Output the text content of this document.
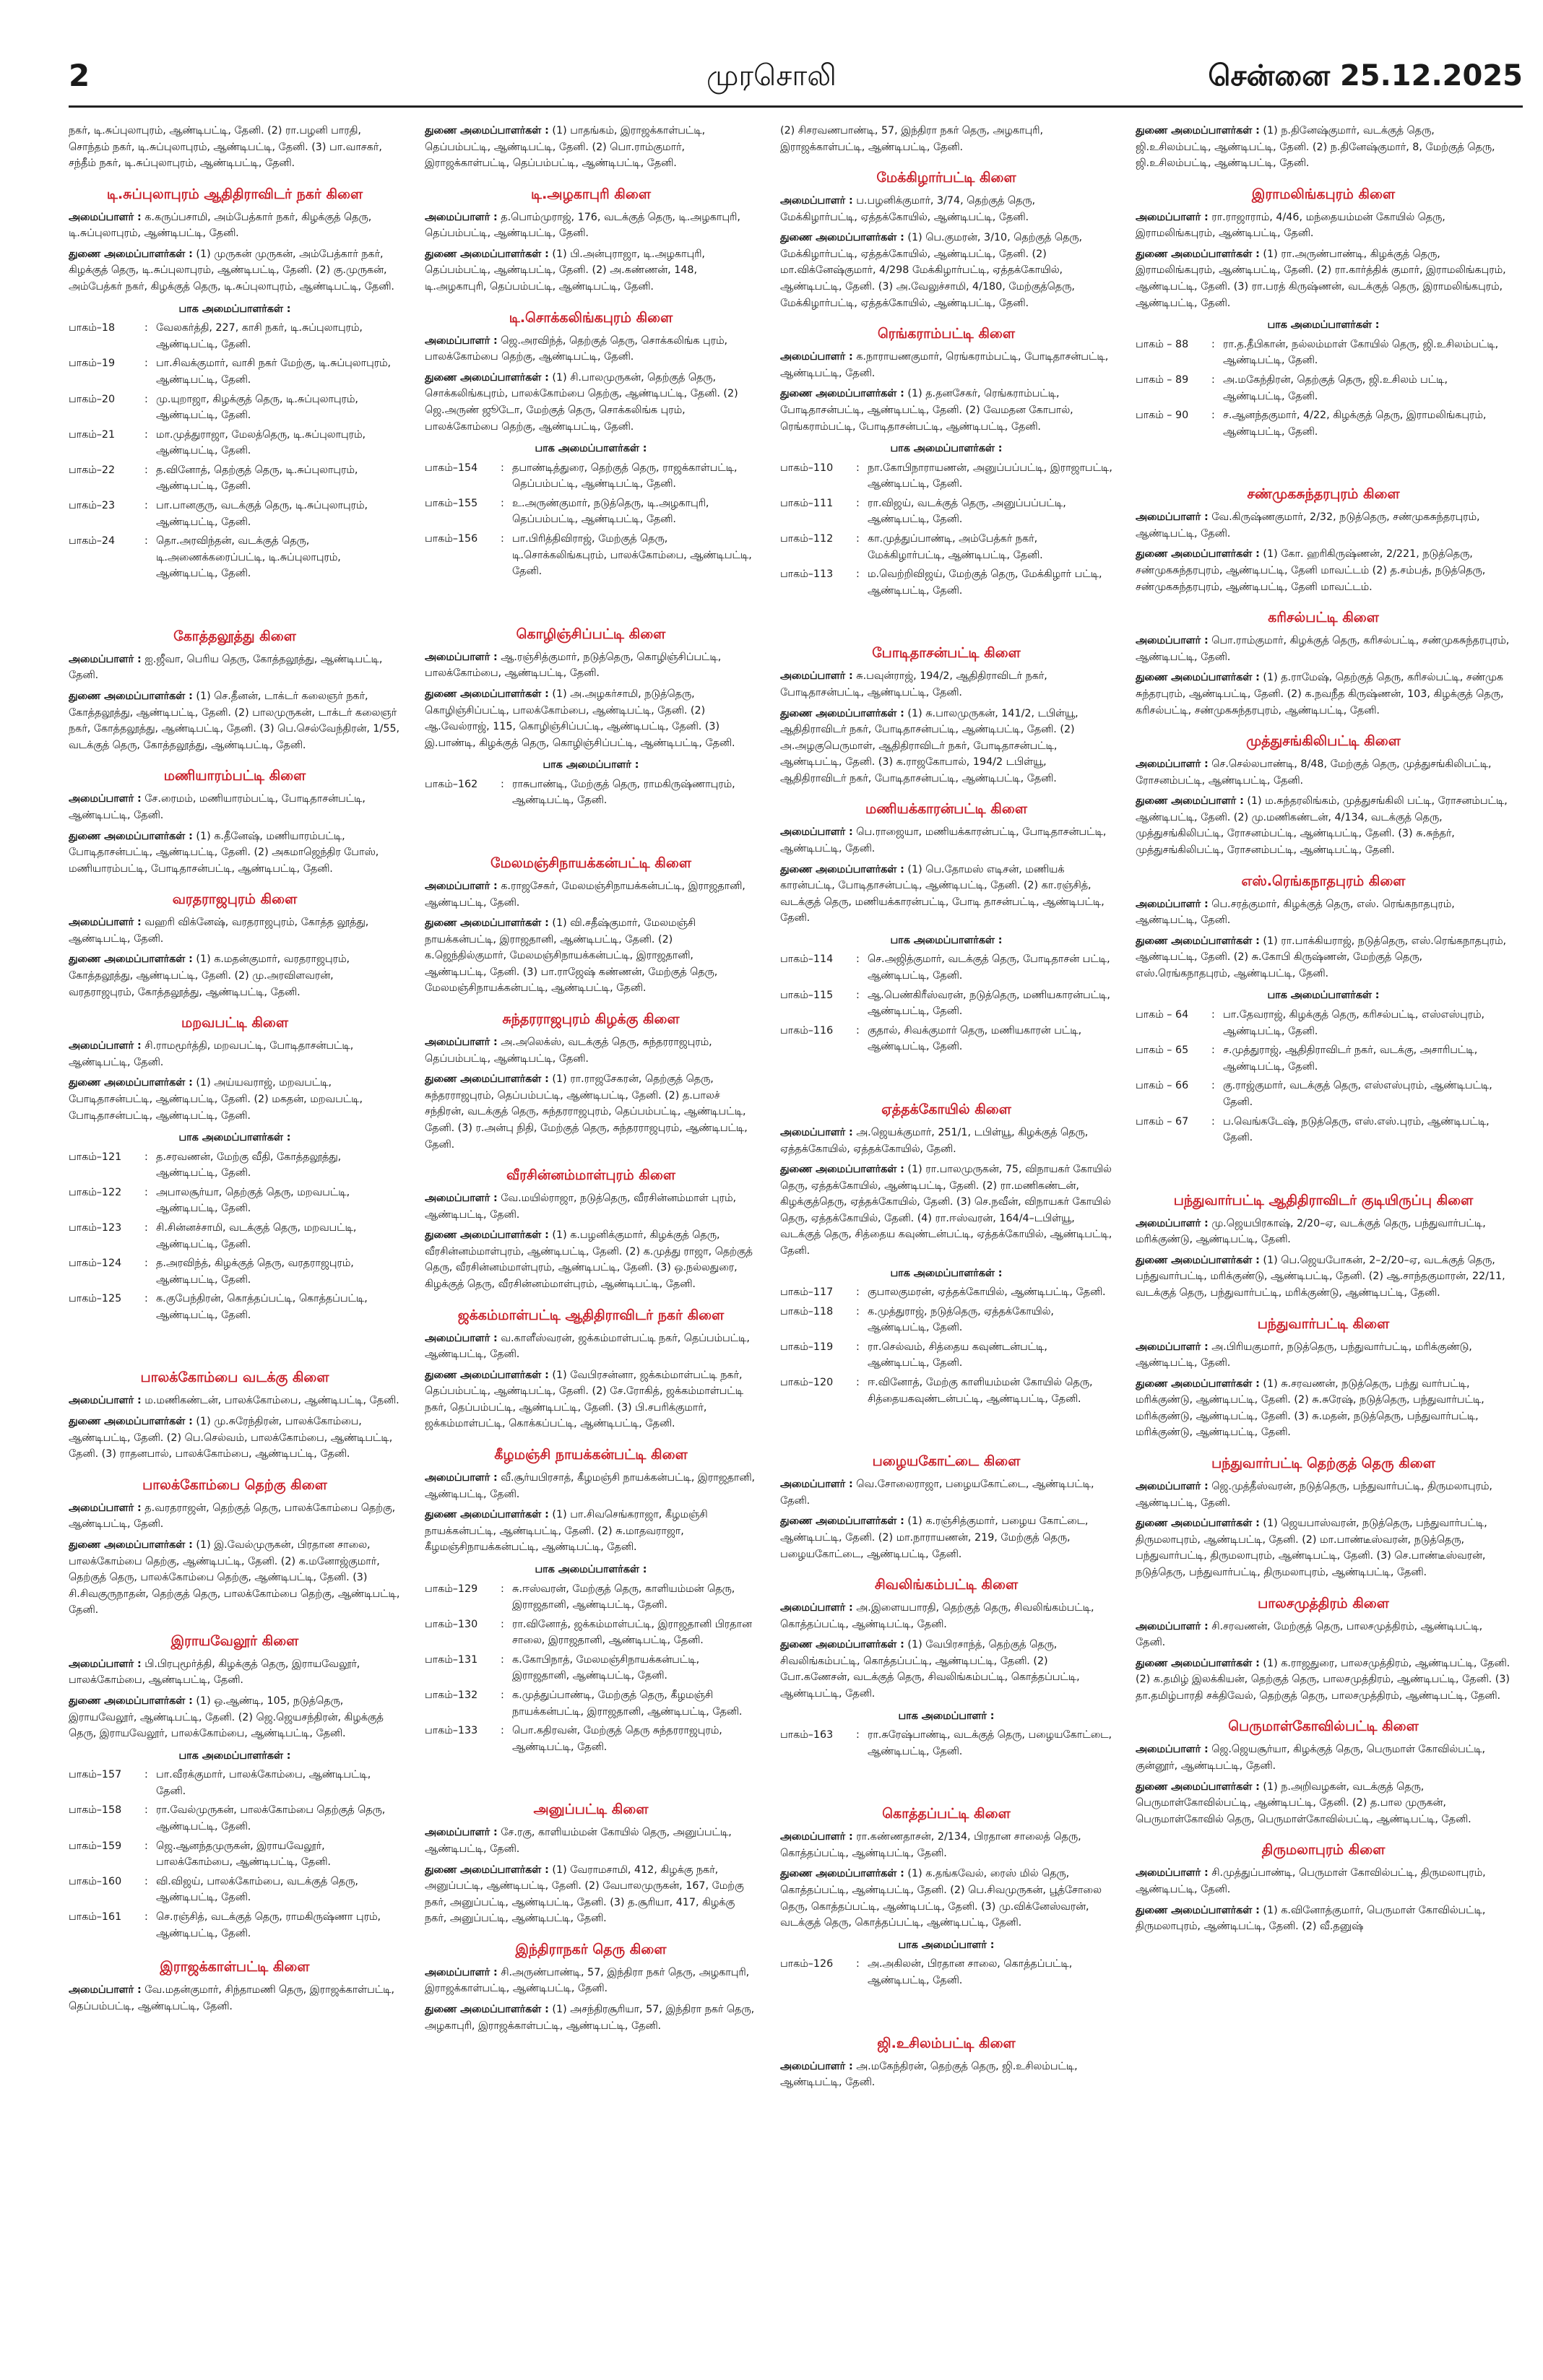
2	முரசொலி	சென்னை 25.12.2025

நகர், டி.சுப்புலாபுரம், ஆண்டிபட்டி, தேனி. (2) ரா.பழனி பாரதி, சொந்தம் நகர், டி.சுப்புலாபுரம், ஆண்டிபட்டி, தேனி. (3) பா.வாசகர், சந்தீம் நகர், டி.சுப்புலாபுரம், ஆண்டிபட்டி, தேனி.

டி.சுப்புலாபுரம் ஆதிதிராவிடர் நகர் கிளை

அமைப்பாளர் : க.கருப்பசாமி, அம்பேத்கார் நகர், கிழக்குத் தெரு, டி.சுப்புலாபுரம், ஆண்டிபட்டி, தேனி.

துணை அமைப்பாளர்கள் : (1) முருகன் முருகன், அம்பேத்கார் நகர், கிழக்குத் தெரு, டி.சுப்புலாபுரம், ஆண்டிபட்டி, தேனி. (2) கு.முருகன், அம்பேத்கர் நகர், கிழக்குத் தெரு, டி.சுப்புலாபுரம், ஆண்டிபட்டி, தேனி.

பாக அமைப்பாளர்கள் :
பாகம்–18	:	வேலகர்த்தி, 227, காசி நகர், டி.சுப்புலாபுரம், ஆண்டிபட்டி, தேனி.
பாகம்–19	:	பா.சிவக்குமார், வாசி நகர் மேற்கு, டி.சுப்புலாபுரம், ஆண்டிபட்டி, தேனி.
பாகம்–20	:	மு.யுறாஜா, கிழக்குத் தெரு, டி.சுப்புலாபுரம், ஆண்டிபட்டி, தேனி.
பாகம்–21	:	மா.முத்துராஜா, மேலத்தெரு, டி.சுப்புலாபுரம், ஆண்டிபட்டி, தேனி.
பாகம்–22	:	த.வினோத், தெற்குத் தெரு, டி.சுப்புலாபுரம், ஆண்டிபட்டி, தேனி.
பாகம்–23	:	பா.பானகுரு, வடக்குத் தெரு, டி.சுப்புலாபுரம், ஆண்டிபட்டி, தேனி.
பாகம்–24	:	தொ.அரவிந்தன், வடக்குத் தெரு, டி.அணைக்கரைப்பட்டி, டி.சுப்புலாபுரம், ஆண்டிபட்டி, தேனி.
கோத்தலூத்து கிளை

அமைப்பாளர் : ஐ.ஜீவா, பெரிய தெரு, கோத்தலூத்து, ஆண்டிபட்டி, தேனி.

துணை அமைப்பாளர்கள் : (1) செ.தீனன், டாக்டர் கலைஞர் நகர், கோத்தலூத்து, ஆண்டிபட்டி, தேனி. (2) பாலமுருகன், டாக்டர் கலைஞர் நகர், கோத்தலூத்து, ஆண்டிபட்டி, தேனி. (3) பெ.செல்வேந்திரன், 1/55, வடக்குத் தெரு, கோத்தலூத்து, ஆண்டிபட்டி, தேனி.

மணியாரம்பட்டி கிளை

அமைப்பாளர் : சே.ரைமம், மணியாரம்பட்டி, போடிதாசன்பட்டி, ஆண்டிபட்டி, தேனி.

துணை அமைப்பாளர்கள் : (1) க.தீனேஷ், மணியாரம்பட்டி, போடிதாசன்பட்டி, ஆண்டிபட்டி, தேனி. (2) அகமாஜெந்திர போஸ், மணியாரம்பட்டி, போடிதாசன்பட்டி, ஆண்டிபட்டி, தேனி.

வரதராஜபுரம் கிளை

அமைப்பாளர் : வஹரி விக்னேஷ், வரதராஜபுரம், கோத்த லூத்து, ஆண்டிபட்டி, தேனி.

துணை அமைப்பாளர்கள் : (1) க.மதன்குமார், வரதராஜபுரம், கோத்தலூத்து, ஆண்டிபட்டி, தேனி. (2) மு.அரவிளவரன், வரதராஜபுரம், கோத்தலூத்து, ஆண்டிபட்டி, தேனி.

மறவபட்டி கிளை

அமைப்பாளர் : சி.ராமமூர்த்தி, மறவபட்டி, போடிதாசன்பட்டி, ஆண்டிபட்டி, தேனி.

துணை அமைப்பாளர்கள் : (1) அய்யவராஜ், மறவபட்டி, போடிதாசன்பட்டி, ஆண்டிபட்டி, தேனி. (2) மகதன், மறவபட்டி, போடிதாசன்பட்டி, ஆண்டிபட்டி, தேனி.

பாக அமைப்பாளர்கள் :
பாகம்–121	:	த.சரவணன், மேற்கு வீதி, கோத்தலூத்து, ஆண்டிபட்டி, தேனி.
பாகம்–122	:	அபாலசூர்யா, தெற்குத் தெரு, மறவபட்டி, ஆண்டிபட்டி, தேனி.
பாகம்–123	:	சி.சின்னச்சாமி, வடக்குத் தெரு, மறவபட்டி, ஆண்டிபட்டி, தேனி.
பாகம்–124	:	த.அரவிந்த், கிழக்குத் தெரு, வரதராஜபுரம், ஆண்டிபட்டி, தேனி.
பாகம்–125	:	க.குபேந்திரன், கொத்தப்பட்டி, கொத்தப்பட்டி, ஆண்டிபட்டி, தேனி.
பாலக்கோம்பை வடக்கு கிளை

அமைப்பாளர் : ம.மணிகண்டன், பாலக்கோம்பை, ஆண்டிபட்டி, தேனி.

துணை அமைப்பாளர்கள் : (1) மு.சுரேந்திரன், பாலக்கோம்பை, ஆண்டிபட்டி, தேனி. (2) பெ.செல்வம், பாலக்கோம்பை, ஆண்டிபட்டி, தேனி. (3) ராதனபால், பாலக்கோம்பை, ஆண்டிபட்டி, தேனி.

பாலக்கோம்பை தெற்கு கிளை

அமைப்பாளர் : த.வரதராஜன், தெற்குத் தெரு, பாலக்கோம்பை தெற்கு, ஆண்டிபட்டி, தேனி.

துணை அமைப்பாளர்கள் : (1) இ.வேல்முருகன், பிரதான சாலை, பாலக்கோம்பை தெற்கு, ஆண்டிபட்டி, தேனி. (2) க.மனோஜ்குமார், தெற்குத் தெரு, பாலக்கோம்பை தெற்கு, ஆண்டிபட்டி, தேனி. (3) சி.சிவகுருநாதன், தெற்குத் தெரு, பாலக்கோம்பை தெற்கு, ஆண்டிபட்டி, தேனி.

இராயவேலூர் கிளை

அமைப்பாளர் : பி.பிரபுமூர்த்தி, கிழக்குத் தெரு, இராயவேலூர், பாலக்கோம்பை, ஆண்டிபட்டி, தேனி.

துணை அமைப்பாளர்கள் : (1) ஒ.ஆண்டி, 105, நடுத்தெரு, இராயவேலூர், ஆண்டிபட்டி, தேனி. (2) ஜெ.ஜெயசந்திரன், கிழக்குத் தெரு, இராயவேலூர், பாலக்கோம்பை, ஆண்டிபட்டி, தேனி.

பாக அமைப்பாளர்கள் :
பாகம்–157	:	பா.வீரக்குமார், பாலக்கோம்பை, ஆண்டிபட்டி, தேனி.
பாகம்–158	:	ரா.வேல்முருகன், பாலக்கோம்பை தெற்குத் தெரு, ஆண்டிபட்டி, தேனி.
பாகம்–159	:	ஜெ.ஆனந்தமுருகன், இராயவேலூர், பாலக்கோம்பை, ஆண்டிபட்டி, தேனி.
பாகம்–160	:	வி.விஜய், பாலக்கோம்பை, வடக்குத் தெரு, ஆண்டிபட்டி, தேனி.
பாகம்–161	:	செ.ரஞ்சித், வடக்குத் தெரு, ராமகிருஷ்ணா புரம், ஆண்டிபட்டி, தேனி.
இராஜக்காள்பட்டி கிளை

அமைப்பாளர் : வே.மதன்குமார், சிந்தாமணி தெரு, இராஜக்காள்பட்டி, தெப்பம்பட்டி, ஆண்டிபட்டி, தேனி.

துணை அமைப்பாளர்கள் : (1) பாதங்கம், இராஜக்காள்பட்டி, தெப்பம்பட்டி, ஆண்டிபட்டி, தேனி. (2) பொ.ராம்குமார், இராஜக்காள்பட்டி, தெப்பம்பட்டி, ஆண்டிபட்டி, தேனி.

டி.அழகாபுரி கிளை

அமைப்பாளர் : த.பொம்முராஜ், 176, வடக்குத் தெரு, டி.அழகாபுரி, தெப்பம்பட்டி, ஆண்டிபட்டி, தேனி.

துணை அமைப்பாளர்கள் : (1) பி.அன்புராஜா, டி.அழகாபுரி, தெப்பம்பட்டி, ஆண்டிபட்டி, தேனி. (2) அ.கண்ணன், 148, டி.அழகாபுரி, தெப்பம்பட்டி, ஆண்டிபட்டி, தேனி.

டி.சொக்கலிங்கபுரம் கிளை

அமைப்பாளர் : ஜெ.அரவிந்த், தெற்குத் தெரு, சொக்கலிங்க புரம், பாலக்கோம்பை தெற்கு, ஆண்டிபட்டி, தேனி.

துணை அமைப்பாளர்கள் : (1) சி.பாலமுருகன், தெற்குத் தெரு, சொக்கலிங்கபுரம், பாலக்கோம்பை தெற்கு, ஆண்டிபட்டி, தேனி. (2) ஜெ.அருண் ஜூடோ, மேற்குத் தெரு, சொக்கலிங்க புரம், பாலக்கோம்பை தெற்கு, ஆண்டிபட்டி, தேனி.

பாக அமைப்பாளர்கள் :
பாகம்–154	:	தபாண்டித்துரை, தெற்குத் தெரு, ராஜக்காள்பட்டி, தெப்பம்பட்டி, ஆண்டிபட்டி, தேனி.
பாகம்–155	:	உ.அருண்குமார், நடுத்தெரு, டி.அழகாபுரி, தெப்பம்பட்டி, ஆண்டிபட்டி, தேனி.
பாகம்–156	:	பா.பிரித்திவிராஜ், மேற்குத் தெரு, டி.சொக்கலிங்கபுரம், பாலக்கோம்பை, ஆண்டிபட்டி, தேனி.
கொழிஞ்சிப்பட்டி கிளை

அமைப்பாளர் : ஆ.ரஞ்சித்குமார், நடுத்தெரு, கொழிஞ்சிப்பட்டி, பாலக்கோம்பை, ஆண்டிபட்டி, தேனி.

துணை அமைப்பாளர்கள் : (1) அ.அழகர்சாமி, நடுத்தெரு, கொழிஞ்சிப்பட்டி, பாலக்கோம்பை, ஆண்டிபட்டி, தேனி. (2) ஆ.வேல்ராஜ், 115, கொழிஞ்சிப்பட்டி, ஆண்டிபட்டி, தேனி. (3) இ.பாண்டி, கிழக்குத் தெரு, கொழிஞ்சிப்பட்டி, ஆண்டிபட்டி, தேனி.

பாக அமைப்பாளர் :
பாகம்–162	:	ராசுபாண்டி, மேற்குத் தெரு, ராமகிருஷ்ணாபுரம், ஆண்டிபட்டி, தேனி.
மேலமஞ்சிநாயக்கன்பட்டி கிளை

அமைப்பாளர் : க.ராஜசேகர், மேலமஞ்சிநாயக்கன்பட்டி, இராஜதானி, ஆண்டிபட்டி, தேனி.

துணை அமைப்பாளர்கள் : (1) வி.சதீஷ்குமார், மேலமஞ்சி நாயக்கன்பட்டி, இராஜதானி, ஆண்டிபட்டி, தேனி. (2) க.ஜெந்தில்குமார், மேலமஞ்சிநாயக்கன்பட்டி, இராஜதானி, ஆண்டிபட்டி, தேனி. (3) பா.ராஜேஷ் கண்ணன், மேற்குத் தெரு, மேலமஞ்சிநாயக்கன்பட்டி, ஆண்டிபட்டி, தேனி.

சுந்தரராஜபுரம் கிழக்கு கிளை

அமைப்பாளர் : அ.அலெக்ஸ், வடக்குத் தெரு, சுந்தரராஜபுரம், தெப்பம்பட்டி, ஆண்டிபட்டி, தேனி.

துணை அமைப்பாளர்கள் : (1) ரா.ராஜசேகரன், தெற்குத் தெரு, சுந்தரராஜபுரம், தெப்பம்பட்டி, ஆண்டிபட்டி, தேனி. (2) த.பாலச் சந்திரன், வடக்குத் தெரு, சுந்தரராஜபுரம், தெப்பம்பட்டி, ஆண்டிபட்டி, தேனி. (3) ர.அன்பு நிதி, மேற்குத் தெரு, சுந்தரராஜபுரம், ஆண்டிபட்டி, தேனி.

வீரசின்னம்மாள்புரம் கிளை

அமைப்பாளர் : வே.மயில்ராஜா, நடுத்தெரு, வீரசின்னம்மாள் புரம், ஆண்டிபட்டி, தேனி.

துணை அமைப்பாளர்கள் : (1) க.பழனிக்குமார், கிழக்குத் தெரு, வீரசின்னம்மாள்புரம், ஆண்டிபட்டி, தேனி. (2) க.முத்து ராஜா, தெற்குத் தெரு, வீரசின்னம்மாள்புரம், ஆண்டிபட்டி, தேனி. (3) ஒ.நல்லதுரை, கிழக்குத் தெரு, வீரசின்னம்மாள்புரம், ஆண்டிபட்டி, தேனி.

ஜக்கம்மாள்பட்டி ஆதிதிராவிடர் நகர் கிளை

அமைப்பாளர் : வ.காளீஸ்வரன், ஜக்கம்மாள்பட்டி நகர், தெப்பம்பட்டி, ஆண்டிபட்டி, தேனி.

துணை அமைப்பாளர்கள் : (1) வேபிரசன்னா, ஜக்கம்மாள்பட்டி நகர், தெப்பம்பட்டி, ஆண்டிபட்டி, தேனி. (2) சே.ரோகித், ஜக்கம்மாள்பட்டி நகர், தெப்பம்பட்டி, ஆண்டிபட்டி, தேனி. (3) பி.சபரிக்குமார், ஜக்கம்மாள்பட்டி, கொக்கப்பட்டி, ஆண்டிபட்டி, தேனி.

கீழமஞ்சி நாயக்கன்பட்டி கிளை

அமைப்பாளர் : வீ.சூர்யபிரசாத், கீழமஞ்சி நாயக்கன்பட்டி, இராஜதானி, ஆண்டிபட்டி, தேனி.

துணை அமைப்பாளர்கள் : (1) பா.சிவசெங்கராஜா, கீழமஞ்சி நாயக்கன்பட்டி, ஆண்டிபட்டி, தேனி. (2) சு.மாதவராஜா, கீழமஞ்சிநாயக்கன்பட்டி, ஆண்டிபட்டி, தேனி.

பாக அமைப்பாளர்கள் :
பாகம்–129	:	சு.ஈஸ்வரன், மேற்குத் தெரு, காளியம்மன் தெரு, இராஜதானி, ஆண்டிபட்டி, தேனி.
பாகம்–130	:	ரா.வினோத், ஜக்கம்மாள்பட்டி, இராஜதானி பிரதான சாலை, இராஜதானி, ஆண்டிபட்டி, தேனி.
பாகம்–131	:	க.கோபிநாத், மேலமஞ்சிநாயக்கன்பட்டி, இராஜதானி, ஆண்டிபட்டி, தேனி.
பாகம்–132	:	க.முத்துப்பாண்டி, மேற்குத் தெரு, கீழமஞ்சி நாயக்கன்பட்டி, இராஜதானி, ஆண்டிபட்டி, தேனி.
பாகம்–133	:	பொ.கதிரவன், மேற்குத் தெரு சுந்தரராஜபுரம், ஆண்டிபட்டி, தேனி.
அனுப்பட்டி கிளை

அமைப்பாளர் : சே.ரகு, காளியம்மன் கோயில் தெரு, அனுப்பட்டி, ஆண்டிபட்டி, தேனி.

துணை அமைப்பாளர்கள் : (1) வேராமசாமி, 412, கிழக்கு நகர், அனுப்பட்டி, ஆண்டிபட்டி, தேனி. (2) வேபாலமுருகன், 167, மேற்கு நகர், அனுப்பட்டி, ஆண்டிபட்டி, தேனி. (3) த.சூரியா, 417, கிழக்கு நகர், அனுப்பட்டி, ஆண்டிபட்டி, தேனி.

இந்திராநகர் தெரு கிளை

அமைப்பாளர் : சி.அருண்பாண்டி, 57, இந்திரா நகர் தெரு, அழகாபுரி, இராஜக்காள்பட்டி, ஆண்டிபட்டி, தேனி.

துணை அமைப்பாளர்கள் : (1) அசந்திரசூரியா, 57, இந்திரா நகர் தெரு, அழகாபுரி, இராஜக்காள்பட்டி, ஆண்டிபட்டி, தேனி.

(2) சிசரவணபாண்டி, 57, இந்திரா நகர் தெரு, அழகாபுரி, இராஜக்காள்பட்டி, ஆண்டிபட்டி, தேனி.

மேக்கிழார்பட்டி கிளை

அமைப்பாளர் : ப.பழனிக்குமார், 3/74, தெற்குத் தெரு, மேக்கிழார்பட்டி, ஏத்தக்கோயில், ஆண்டிபட்டி, தேனி.

துணை அமைப்பாளர்கள் : (1) பெ.குமரன், 3/10, தெற்குத் தெரு, மேக்கிழார்பட்டி, ஏத்தக்கோயில், ஆண்டிபட்டி, தேனி. (2) மா.விக்னேஷ்குமார், 4/298 மேக்கிழார்பட்டி, ஏத்தக்கோயில், ஆண்டிபட்டி, தேனி. (3) அ.வேலுச்சாமி, 4/180, மேற்குத்தெரு, மேக்கிழார்பட்டி, ஏத்தக்கோயில், ஆண்டிபட்டி, தேனி.

ரெங்கராம்பட்டி கிளை

அமைப்பாளர் : க.நாராயணகுமார், ரெங்கராம்பட்டி, போடிதாசன்பட்டி, ஆண்டிபட்டி, தேனி.

துணை அமைப்பாளர்கள் : (1) த.தனசேகர், ரெங்கராம்பட்டி, போடிதாசன்பட்டி, ஆண்டிபட்டி, தேனி. (2) வேமதன கோபால், ரெங்கராம்பட்டி, போடிதாசன்பட்டி, ஆண்டிபட்டி, தேனி.

பாக அமைப்பாளர்கள் :
பாகம்–110	:	நா.கோபிநாராயணன், அனுப்பப்பட்டி, இராஜாபட்டி, ஆண்டிபட்டி, தேனி.
பாகம்–111	:	ரா.விஜய், வடக்குத் தெரு, அனுப்பப்பட்டி, ஆண்டிபட்டி, தேனி.
பாகம்–112	:	கா.முத்துப்பாண்டி, அம்பேத்கர் நகர், மேக்கிழார்பட்டி, ஆண்டிபட்டி, தேனி.
பாகம்–113	:	ம.வெற்றிவிஜய், மேற்குத் தெரு, மேக்கிழார் பட்டி, ஆண்டிபட்டி, தேனி.
போடிதாசன்பட்டி கிளை

அமைப்பாளர் : சு.பவுன்ராஜ், 194/2, ஆதிதிராவிடர் நகர், போடிதாசன்பட்டி, ஆண்டிபட்டி, தேனி.

துணை அமைப்பாளர்கள் : (1) சு.பாலமுருகன், 141/2, டபிள்யூ, ஆதிதிராவிடர் நகர், போடிதாசன்பட்டி, ஆண்டிபட்டி, தேனி. (2) அ.அழகுபெருமாள், ஆதிதிராவிடர் நகர், போடிதாசன்பட்டி, ஆண்டிபட்டி, தேனி. (3) க.ராஜகோபால், 194/2 டபிள்யூ, ஆதிதிராவிடர் நகர், போடிதாசன்பட்டி, ஆண்டிபட்டி, தேனி.

மணியக்காரன்பட்டி கிளை

அமைப்பாளர் : பெ.ராஜையா, மணியக்காரன்பட்டி, போடிதாசன்பட்டி, ஆண்டிபட்டி, தேனி.

துணை அமைப்பாளர்கள் : (1) பெ.தோமஸ் எடிசன், மணியக் காரன்பட்டி, போடிதாசன்பட்டி, ஆண்டிபட்டி, தேனி. (2) கா.ரஞ்சித், வடக்குத் தெரு, மணியக்காரன்பட்டி, போடி தாசன்பட்டி, ஆண்டிபட்டி, தேனி.

பாக அமைப்பாளர்கள் :
பாகம்–114	:	செ.அஜித்குமார், வடக்குத் தெரு, போடிதாசன் பட்டி, ஆண்டிபட்டி, தேனி.
பாகம்–115	:	ஆ.பெண்கிரீஸ்வரன், நடுத்தெரு, மணியகாரன்பட்டி, ஆண்டிபட்டி, தேனி.
பாகம்–116	:	குதால், சிவக்குமார் தெரு, மணியகாரன் பட்டி, ஆண்டிபட்டி, தேனி.
ஏத்தக்கோயில் கிளை

அமைப்பாளர் : அ.ஜெயக்குமார், 251/1, டபிள்யூ, கிழக்குத் தெரு, ஏத்தக்கோயில், ஏத்தக்கோயில், தேனி.

துணை அமைப்பாளர்கள் : (1) ரா.பாலமுருகன், 75, விநாயகர் கோயில் தெரு, ஏத்தக்கோயில், ஆண்டிபட்டி, தேனி. (2) ரா.மணிகண்டன், கிழக்குத்தெரு, ஏத்தக்கோயில், தேனி. (3) செ.நவீன், விநாயகர் கோயில் தெரு, ஏத்தக்கோயில், தேனி. (4) ரா.ஈஸ்வரன், 164/4–டபிள்யூ, வடக்குத் தெரு, சித்தைய கவுண்டன்பட்டி, ஏத்தக்கோயில், ஆண்டிபட்டி, தேனி.

பாக அமைப்பாளர்கள் :
பாகம்–117	:	குபாலகுமரன், ஏத்தக்கோயில், ஆண்டிபட்டி, தேனி.
பாகம்–118	:	க.முத்துராஜ், நடுத்தெரு, ஏத்தக்கோயில், ஆண்டிபட்டி, தேனி.
பாகம்–119	:	ரா.செல்வம், சித்தைய கவுண்டன்பட்டி, ஆண்டிபட்டி, தேனி.
பாகம்–120	:	ஈ.வினோத், மேற்கு காளியம்மன் கோயில் தெரு, சித்தையகவுண்டன்பட்டி, ஆண்டிபட்டி, தேனி.
பழையகோட்டை கிளை

அமைப்பாளர் : வெ.சோலைராஜா, பழையகோட்டை, ஆண்டிபட்டி, தேனி.

துணை அமைப்பாளர்கள் : (1) க.ரஞ்சித்குமார், பழைய கோட்டை, ஆண்டிபட்டி, தேனி. (2) மா.நாராயணன், 219, மேற்குத் தெரு, பழையகோட்டை, ஆண்டிபட்டி, தேனி.

சிவலிங்கம்பட்டி கிளை

அமைப்பாளர் : அ.இளையபாரதி, தெற்குத் தெரு, சிவலிங்கம்பட்டி, கொத்தப்பட்டி, ஆண்டிபட்டி, தேனி.

துணை அமைப்பாளர்கள் : (1) வேபிரசாந்த், தெற்குத் தெரு, சிவலிங்கம்பட்டி, கொத்தப்பட்டி, ஆண்டிபட்டி, தேனி. (2) போ.கணேசன், வடக்குத் தெரு, சிவலிங்கம்பட்டி, கொத்தப்பட்டி, ஆண்டிபட்டி, தேனி.

பாக அமைப்பாளர் :
பாகம்–163	:	ரா.சுரேஷ்பாண்டி, வடக்குத் தெரு, பழையகோட்டை, ஆண்டிபட்டி, தேனி.
கொத்தப்பட்டி கிளை

அமைப்பாளர் : ரா.கண்ணதாசன், 2/134, பிரதான சாலைத் தெரு, கொத்தப்பட்டி, ஆண்டிபட்டி, தேனி.

துணை அமைப்பாளர்கள் : (1) க.தங்கவேல், ரைஸ் மில் தெரு, கொத்தப்பட்டி, ஆண்டிபட்டி, தேனி. (2) பெ.சிவமுருகன், பூத்சோலை தெரு, கொத்தப்பட்டி, ஆண்டிபட்டி, தேனி. (3) மு.விக்னேஸ்வரன், வடக்குத் தெரு, கொத்தப்பட்டி, ஆண்டிபட்டி, தேனி.

பாக அமைப்பாளர் :
பாகம்–126	:	அ.அகிலன், பிரதான சாலை, கொத்தப்பட்டி, ஆண்டிபட்டி, தேனி.
ஜி.உசிலம்பட்டி கிளை

அமைப்பாளர் : அ.மகேந்திரன், தெற்குத் தெரு, ஜி.உசிலம்பட்டி, ஆண்டிபட்டி, தேனி.

துணை அமைப்பாளர்கள் : (1) ந.தினேஷ்குமார், வடக்குத் தெரு, ஜி.உசிலம்பட்டி, ஆண்டிபட்டி, தேனி. (2) ந.தினேஷ்குமார், 8, மேற்குத் தெரு, ஜி.உசிலம்பட்டி, ஆண்டிபட்டி, தேனி.

இராமலிங்கபுரம் கிளை

அமைப்பாளர் : ரா.ராஜாராம், 4/46, மந்தையம்மன் கோயில் தெரு, இராமலிங்கபுரம், ஆண்டிபட்டி, தேனி.

துணை அமைப்பாளர்கள் : (1) ரா.அருண்பாண்டி, கிழக்குத் தெரு, இராமலிங்கபுரம், ஆண்டிபட்டி, தேனி. (2) ரா.கார்த்திக் குமார், இராமலிங்கபுரம், ஆண்டிபட்டி, தேனி. (3) ரா.பரத் கிருஷ்ணன், வடக்குத் தெரு, இராமலிங்கபுரம், ஆண்டிபட்டி, தேனி.

பாக அமைப்பாளர்கள் :
பாகம் – 88	:	ரா.த.தீபிகான், நல்லம்மாள் கோயில் தெரு, ஜி.உசிலம்பட்டி, ஆண்டிபட்டி, தேனி.
பாகம் – 89	:	அ.மகேந்திரன், தெற்குத் தெரு, ஜி.உசிலம் பட்டி, ஆண்டிபட்டி, தேனி.
பாகம் – 90	:	ச.ஆனந்தகுமார், 4/22, கிழக்குத் தெரு, இராமலிங்கபுரம், ஆண்டிபட்டி, தேனி.
சண்முகசுந்தரபுரம் கிளை

அமைப்பாளர் : வே.கிருஷ்ணகுமார், 2/32, நடுத்தெரு, சண்முகசுந்தரபுரம், ஆண்டிபட்டி, தேனி.

துணை அமைப்பாளர்கள் : (1) கோ. ஹரிகிருஷ்ணன், 2/221, நடுத்தெரு, சண்முகசுந்தரபுரம், ஆண்டிபட்டி, தேனி மாவட்டம் (2) த.சம்பத், நடுத்தெரு, சண்முகசுந்தரபுரம், ஆண்டிபட்டி, தேனி மாவட்டம்.

கரிசல்பட்டி கிளை

அமைப்பாளர் : பொ.ராம்குமார், கிழக்குத் தெரு, கரிசல்பட்டி, சண்முகசுந்தரபுரம், ஆண்டிபட்டி, தேனி.

துணை அமைப்பாளர்கள் : (1) த.ராமேஷ், தெற்குத் தெரு, கரிசல்பட்டி, சண்முக சுந்தரபுரம், ஆண்டிபட்டி, தேனி. (2) க.நவநீத கிருஷ்ணன், 103, கிழக்குத் தெரு, கரிசல்பட்டி, சண்முகசுந்தரபுரம், ஆண்டிபட்டி, தேனி.

முத்துசங்கிலிபட்டி கிளை

அமைப்பாளர் : செ.செல்லபாண்டி, 8/48, மேற்குத் தெரு, முத்துசங்கிலிபட்டி, ரோசனம்பட்டி, ஆண்டிபட்டி, தேனி.

துணை அமைப்பாளர் : (1) ம.சுந்தரலிங்கம், முத்துசங்கிலி பட்டி, ரோசனம்பட்டி, ஆண்டிபட்டி, தேனி. (2) மு.மணிகண்டன், 4/134, வடக்குத் தெரு, முத்துசங்கிலிபட்டி, ரோசனம்பட்டி, ஆண்டிபட்டி, தேனி. (3) சு.சுந்தர், முத்துசங்கிலிபட்டி, ரோசனம்பட்டி, ஆண்டிபட்டி, தேனி.

எஸ்.ரெங்கநாதபுரம் கிளை

அமைப்பாளர் : பெ.சரத்குமார், கிழக்குத் தெரு, எஸ். ரெங்கநாதபுரம், ஆண்டிபட்டி, தேனி.

துணை அமைப்பாளர்கள் : (1) ரா.பாக்கியராஜ், நடுத்தெரு, எஸ்.ரெங்கநாதபுரம், ஆண்டிபட்டி, தேனி. (2) சு.கோபி கிருஷ்ணன், மேற்குத் தெரு, எஸ்.ரெங்கநாதபுரம், ஆண்டிபட்டி, தேனி.

பாக அமைப்பாளர்கள் :
பாகம் – 64	:	பா.தேவராஜ், கிழக்குத் தெரு, கரிசல்பட்டி, எஸ்எஸ்புரம், ஆண்டிபட்டி, தேனி.
பாகம் – 65	:	ச.முத்துராஜ், ஆதிதிராவிடர் நகர், வடக்கு, அசாரிபட்டி, ஆண்டிபட்டி, தேனி.
பாகம் – 66	:	கு.ராஜ்குமார், வடக்குத் தெரு, எஸ்எஸ்புரம், ஆண்டிபட்டி, தேனி.
பாகம் – 67	:	ப.வெங்கடேஷ், நடுத்தெரு, எஸ்.எஸ்.புரம், ஆண்டிபட்டி, தேனி.
பந்துவார்பட்டி ஆதிதிராவிடர் குடியிருப்பு கிளை

அமைப்பாளர் : மு.ஜெயபிரகாஷ், 2/20–ஏ, வடக்குத் தெரு, பந்துவார்பட்டி, மரிக்குண்டு, ஆண்டிபட்டி, தேனி.

துணை அமைப்பாளர்கள் : (1) பெ.ஜெயபோகன், 2–2/20–ஏ, வடக்குத் தெரு, பந்துவார்பட்டி, மரிக்குண்டு, ஆண்டிபட்டி, தேனி. (2) ஆ.சாந்தகுமாரன், 22/11, வடக்குத் தெரு, பந்துவார்பட்டி, மரிக்குண்டு, ஆண்டிபட்டி, தேனி.

பந்துவார்பட்டி கிளை

அமைப்பாளர் : அ.பிரியகுமார், நடுத்தெரு, பந்துவார்பட்டி, மரிக்குண்டு, ஆண்டிபட்டி, தேனி.

துணை அமைப்பாளர்கள் : (1) சு.சரவணன், நடுத்தெரு, பந்து வார்பட்டி, மரிக்குண்டு, ஆண்டிபட்டி, தேனி. (2) சு.சுரேஷ், நடுத்தெரு, பந்துவார்பட்டி, மரிக்குண்டு, ஆண்டிபட்டி, தேனி. (3) சு.மதன், நடுத்தெரு, பந்துவார்பட்டி, மரிக்குண்டு, ஆண்டிபட்டி, தேனி.

பந்துவார்பட்டி தெற்குத் தெரு கிளை

அமைப்பாளர் : ஜெ.முத்தீஸ்வரன், நடுத்தெரு, பந்துவார்பட்டி, திருமலாபுரம், ஆண்டிபட்டி, தேனி.

துணை அமைப்பாளர்கள் : (1) ஜெயபாஸ்வரன், நடுத்தெரு, பந்துவார்பட்டி, திருமலாபுரம், ஆண்டிபட்டி, தேனி. (2) மா.பாண்டீஸ்வரன், நடுத்தெரு, பந்துவார்பட்டி, திருமலாபுரம், ஆண்டிபட்டி, தேனி. (3) செ.பாண்டீஸ்வரன், நடுத்தெரு, பந்துவார்பட்டி, திருமலாபுரம், ஆண்டிபட்டி, தேனி.

பாலசமுத்திரம் கிளை

அமைப்பாளர் : சி.சரவணன், மேற்குத் தெரு, பாலசமுத்திரம், ஆண்டிபட்டி, தேனி.

துணை அமைப்பாளர்கள் : (1) க.ராஜதுரை, பாலசமுத்திரம், ஆண்டிபட்டி, தேனி. (2) க.தமிழ் இலக்கியன், தெற்குத் தெரு, பாலசமுத்திரம், ஆண்டிபட்டி, தேனி. (3) தா.தமிழ்பாரதி சக்திவேல், தெற்குத் தெரு, பாலசமுத்திரம், ஆண்டிபட்டி, தேனி.

பெருமாள்கோவில்பட்டி கிளை

அமைப்பாளர் : ஜெ.ஜெயசூர்யா, கிழக்குத் தெரு, பெருமாள் கோவில்பட்டி, குன்னூர், ஆண்டிபட்டி, தேனி.

துணை அமைப்பாளர்கள் : (1) ந.அறிவழகன், வடக்குத் தெரு, பெருமாள்கோவில்பட்டி, ஆண்டிபட்டி, தேனி. (2) த.பால முருகன், பெருமாள்கோவில் தெரு, பெருமாள்கோவில்பட்டி, ஆண்டிபட்டி, தேனி.

திருமலாபுரம் கிளை

அமைப்பாளர் : சி.முத்துப்பாண்டி, பெருமாள் கோவில்பட்டி, திருமலாபுரம், ஆண்டிபட்டி, தேனி.

துணை அமைப்பாளர்கள் : (1) க.வினோத்குமார், பெருமாள் கோவில்பட்டி, திருமலாபுரம், ஆண்டிபட்டி, தேனி. (2) வீ.தனுஷ்
